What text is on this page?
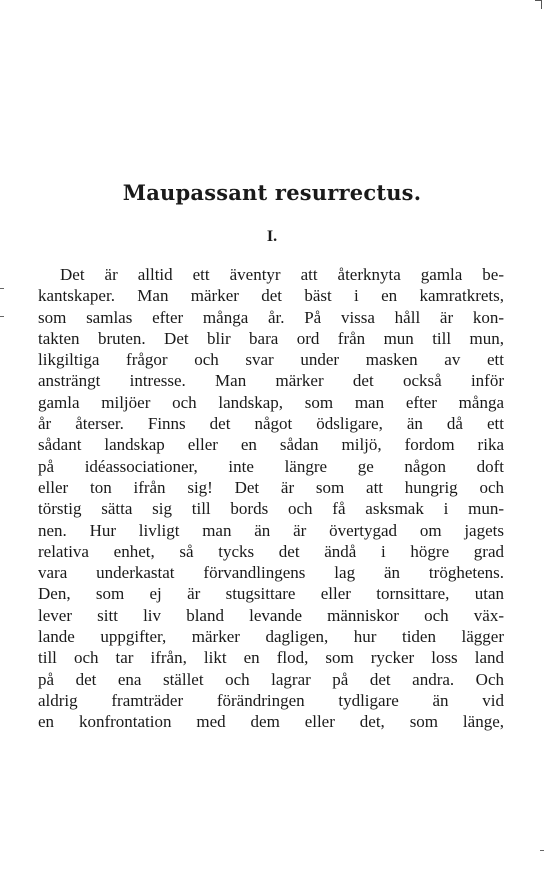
Maupassant resurrectus.
I.
Det är alltid ett äventyr att återknyta gamla be-
kantskaper. Man märker det bäst i en kamratkrets,
som samlas efter många år. På vissa håll är kon-
takten bruten. Det blir bara ord från mun till mun,
likgiltiga frågor och svar under masken av ett
ansträngt intresse. Man märker det också inför
gamla miljöer och landskap, som man efter många
år återser. Finns det något ödsligare, än då ett
sådant landskap eller en sådan miljö, fordom rika
på idéassociationer, inte längre ge någon doft
eller ton ifrån sig! Det är som att hungrig och
törstig sätta sig till bords och få asksmak i mun-
nen. Hur livligt man än är övertygad om jagets
relativa enhet, så tycks det ändå i högre grad
vara underkastat förvandlingens lag än tröghetens.
Den, som ej är stugsittare eller tornsittare, utan
lever sitt liv bland levande människor och väx-
lande uppgifter, märker dagligen, hur tiden lägger
till och tar ifrån, likt en flod, som rycker loss land
på det ena stället och lagrar på det andra. Och
aldrig framträder förändringen tydligare än vid
en konfrontation med dem eller det, som länge,
